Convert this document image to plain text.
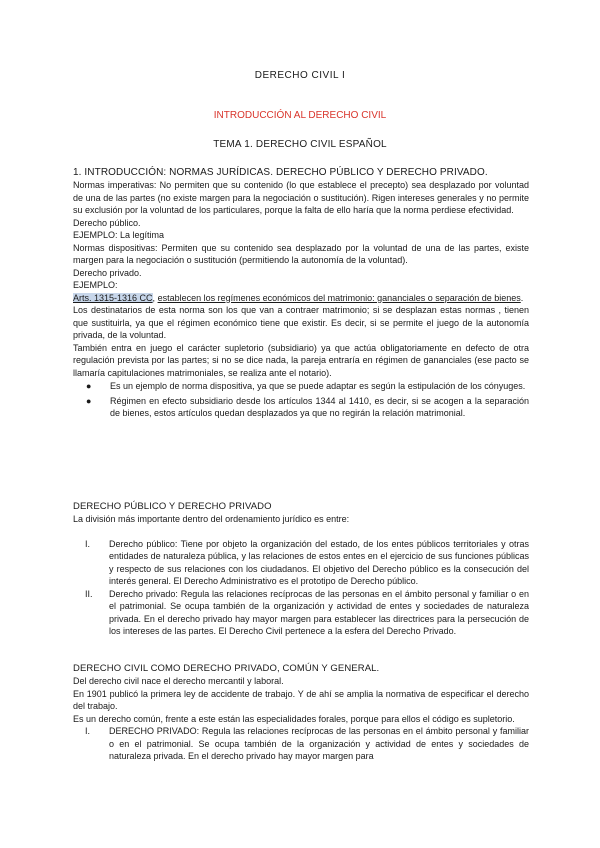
DERECHO CIVIL I
INTRODUCCIÓN AL DERECHO CIVIL
TEMA 1. DERECHO CIVIL ESPAÑOL

1. INTRODUCCIÓN: NORMAS JURÍDICAS. DERECHO PÚBLICO Y DERECHO PRIVADO.

Normas imperativas: No permiten que su contenido (lo que establece el precepto) sea desplazado por voluntad de una de las partes (no existe margen para la negociación o sustitución). Rigen intereses generales y no permite su exclusión por la voluntad de los particulares, porque la falta de ello haría que la norma perdiese efectividad.

Derecho público.

EJEMPLO: La legítima

Normas dispositivas: Permiten que su contenido sea desplazado por la voluntad de una de las partes, existe margen para la negociación o sustitución (permitiendo la autonomía de la voluntad).

Derecho privado.

EJEMPLO:

Arts. 1315-1316 CC, establecen los regímenes económicos del matrimonio: gananciales o separación de bienes.

Los destinatarios de esta norma son los que van a contraer matrimonio; si se desplazan estas normas , tienen que sustituirla, ya que el régimen económico tiene que existir. Es decir, si se permite el juego de la autonomía privada, de la voluntad.

También entra en juego el carácter supletorio (subsidiario) ya que actúa obligatoriamente en defecto de otra regulación prevista por las partes; si no se dice nada, la pareja entraría en régimen de gananciales (ese pacto se llamaría capitulaciones matrimoniales, se realiza ante el notario).

● Es un ejemplo de norma dispositiva, ya que se puede adaptar es según la estipulación de los cónyuges.
● Régimen en efecto subsidiario desde los artículos 1344 al 1410, es decir, si se acogen a la separación de bienes, estos artículos quedan desplazados ya que no regirán la relación matrimonial.

DERECHO PÚBLICO Y DERECHO PRIVADO

La división más importante dentro del ordenamiento jurídico es entre:

I. Derecho público: Tiene por objeto la organización del estado, de los entes públicos territoriales y otras entidades de naturaleza pública, y las relaciones de estos entes en el ejercicio de sus funciones públicas y respecto de sus relaciones con los ciudadanos. El objetivo del Derecho público es la consecución del interés general. El Derecho Administrativo es el prototipo de Derecho público.
II. Derecho privado: Regula las relaciones recíprocas de las personas en el ámbito personal y familiar o en el patrimonial. Se ocupa también de la organización y actividad de entes y sociedades de naturaleza privada. En el derecho privado hay mayor margen para establecer las directrices para la persecución de los intereses de las partes. El Derecho Civil pertenece a la esfera del Derecho Privado.

DERECHO CIVIL COMO DERECHO PRIVADO, COMÚN Y GENERAL.

Del derecho civil nace el derecho mercantil y laboral.

En 1901 publicó la primera ley de accidente de trabajo. Y de ahí se amplia la normativa de especificar el derecho del trabajo.

Es un derecho común, frente a este están las especialidades forales, porque para ellos el código es supletorio.

I. DERECHO PRIVADO: Regula las relaciones recíprocas de las personas en el ámbito personal y familiar o en el patrimonial. Se ocupa también de la organización y actividad de entes y sociedades de naturaleza privada. En el derecho privado hay mayor margen para
